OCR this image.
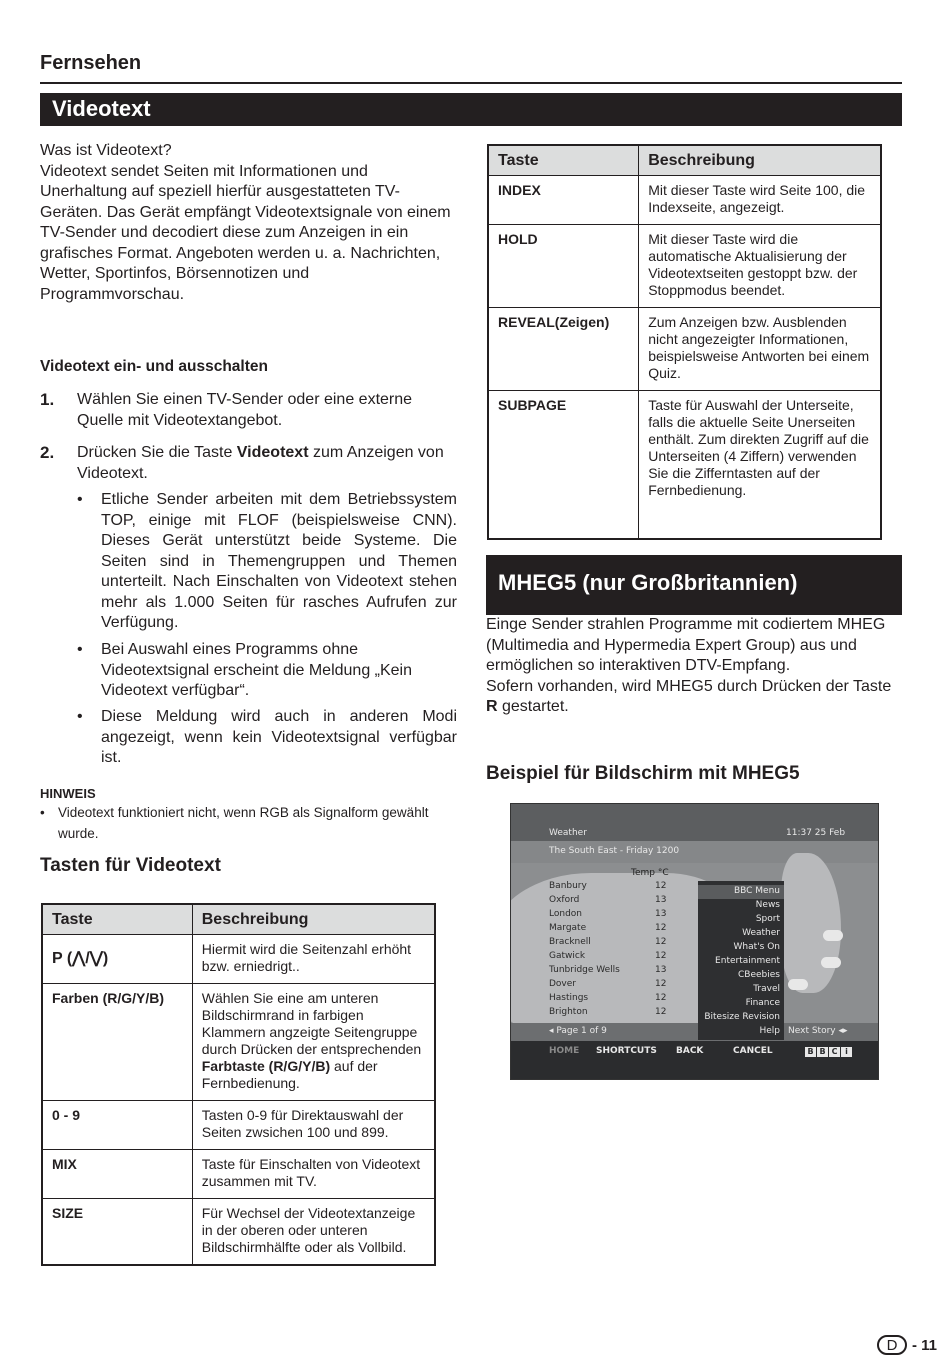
Fernsehen
Videotext

Was ist Videotext?

Videotext sendet Seiten mit Informationen und Unerhaltung auf speziell hierfür ausgestatteten TV-Geräten. Das Gerät empfängt Videotextsignale von einem TV-Sender und decodiert diese zum Anzeigen in ein grafisches Format. Angeboten werden u. a. Nachrichten, Wetter, Sportinfos, Börsennotizen und Programmvorschau.

Videotext ein- und ausschalten
1. Wählen Sie einen TV-Sender oder eine externe Quelle mit Videotextangebot.
2. Drücken Sie die Taste Videotext zum Anzeigen von Videotext.
• Etliche Sender arbeiten mit dem Betriebssystem TOP, einige mit FLOF (beispielsweise CNN). Dieses Gerät unterstützt beide Systeme. Die Seiten sind in Themengruppen und Themen unterteilt. Nach Einschalten von Videotext stehen mehr als 1.000 Seiten für rasches Aufrufen zur Verfügung.
• Bei Auswahl eines Programms ohne Videotextsignal erscheint die Meldung „Kein Videotext verfügbar“.
• Diese Meldung wird auch in anderen Modi angezeigt, wenn kein Videotextsignal verfügbar ist.
HINWEIS
• Videotext funktioniert nicht, wenn RGB als Signalform gewählt wurde.
Tasten für Videotext
Taste	Beschreibung
P (⋀/⋁)	Hiermit wird die Seitenzahl erhöht bzw. erniedrigt..
Farben (R/G/Y/B)	Wählen Sie eine am unteren Bildschirmrand in farbigen Klammern angzeigte Seitengruppe durch Drücken der entsprechenden Farbtaste (R/G/Y/B) auf der Fernbedienung.
0 - 9	Tasten 0-9 für Direktauswahl der Seiten zwsichen 100 und 899.
MIX	Taste für Einschalten von Videotext zusammen mit TV.
SIZE	Für Wechsel der Videotextanzeige in der oberen oder unteren Bildschirmhälfte oder als Vollbild.
Taste	Beschreibung
INDEX	Mit dieser Taste wird Seite 100, die Indexseite, angezeigt.
HOLD	Mit dieser Taste wird die automatische Aktualisierung der Videotextseiten gestoppt bzw. der Stoppmodus beendet.
REVEAL(Zeigen)	Zum Anzeigen bzw. Ausblenden nicht angezeigter Informationen, beispielsweise Antworten bei einem Quiz.
SUBPAGE	Taste für Auswahl der Unterseite, falls die aktuelle Seite Unerseiten enthält. Zum direkten Zugriff auf die Unterseiten (4 Ziffern) verwenden Sie die Zifferntasten auf der Fernbedienung.
MHEG5 (nur Großbritannien)

Einge Sender strahlen Programme mit codiertem MHEG (Multimedia and Hypermedia Expert Group) aus und ermöglichen so interaktiven DTV-Empfang.

Sofern vorhanden, wird MHEG5 durch Drücken der Taste R gestartet.

Beispiel für Bildschirm mit MHEG5
Weather	11:37 25 Feb
The South East - Friday 1200
Temp °C
Banbury	12
Oxford	13
London	13
Margate	12
Bracknell	12
Gatwick	12
Tunbridge Wells	13
Dover	12
Hastings	12
Brighton	12
BBC Menu
News
Sport
Weather
What's On
Entertainment
CBeebies
Travel
Finance
Bitesize Revision
Help
◂ Page 1 of 9	Next Story ◂▸
HOME SHORTCUTS BACK	CANCEL	B B C i
D - 11
